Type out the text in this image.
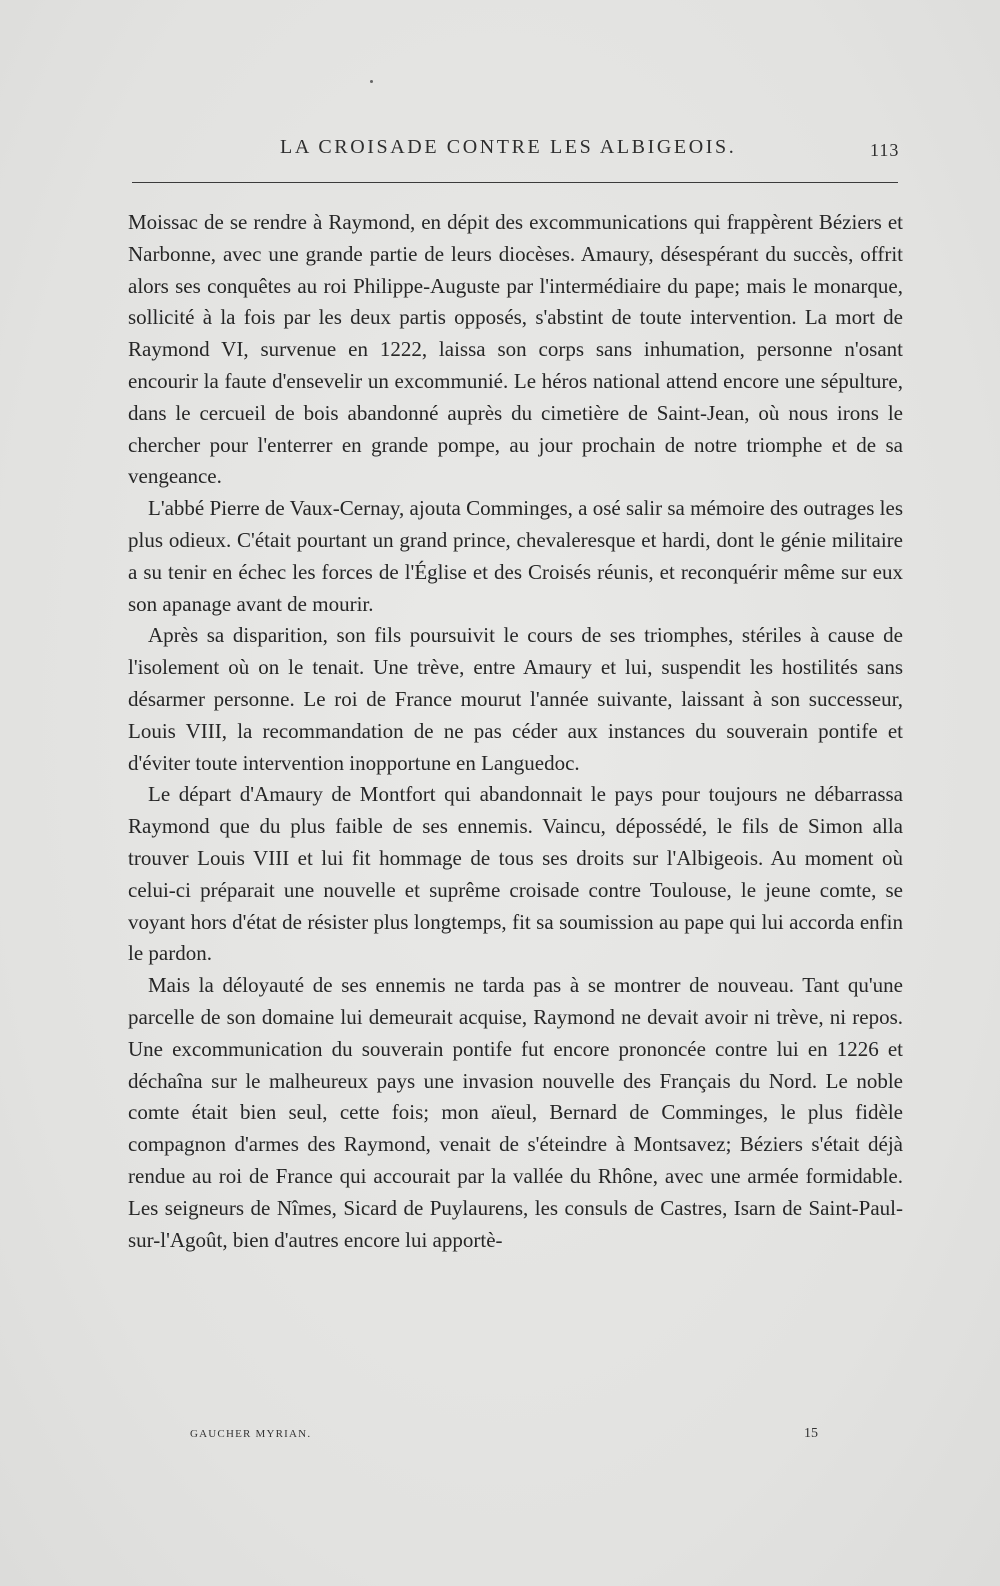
LA CROISADE CONTRE LES ALBIGEOIS.	113

Moissac de se rendre à Raymond, en dépit des excommunications qui frappèrent Béziers et Narbonne, avec une grande partie de leurs diocèses. Amaury, désespérant du succès, offrit alors ses conquêtes au roi Philippe-Auguste par l'intermédiaire du pape; mais le monarque, sollicité à la fois par les deux partis opposés, s'abstint de toute intervention. La mort de Raymond VI, survenue en 1222, laissa son corps sans inhumation, personne n'osant encourir la faute d'ensevelir un excommunié. Le héros national attend encore une sépulture, dans le cercueil de bois abandonné auprès du cimetière de Saint-Jean, où nous irons le chercher pour l'enterrer en grande pompe, au jour prochain de notre triomphe et de sa vengeance.

L'abbé Pierre de Vaux-Cernay, ajouta Comminges, a osé salir sa mémoire des outrages les plus odieux. C'était pourtant un grand prince, chevaleresque et hardi, dont le génie militaire a su tenir en échec les forces de l'Église et des Croisés réunis, et reconquérir même sur eux son apanage avant de mourir.

Après sa disparition, son fils poursuivit le cours de ses triomphes, stériles à cause de l'isolement où on le tenait. Une trève, entre Amaury et lui, suspendit les hostilités sans désarmer personne. Le roi de France mourut l'année suivante, laissant à son successeur, Louis VIII, la recommandation de ne pas céder aux instances du souverain pontife et d'éviter toute intervention inopportune en Languedoc.

Le départ d'Amaury de Montfort qui abandonnait le pays pour toujours ne débarrassa Raymond que du plus faible de ses ennemis. Vaincu, dépossédé, le fils de Simon alla trouver Louis VIII et lui fit hommage de tous ses droits sur l'Albigeois. Au moment où celui-ci préparait une nouvelle et suprême croisade contre Toulouse, le jeune comte, se voyant hors d'état de résister plus longtemps, fit sa soumission au pape qui lui accorda enfin le pardon.

Mais la déloyauté de ses ennemis ne tarda pas à se montrer de nouveau. Tant qu'une parcelle de son domaine lui demeurait acquise, Raymond ne devait avoir ni trève, ni repos. Une excommunication du souverain pontife fut encore prononcée contre lui en 1226 et déchaîna sur le malheureux pays une invasion nouvelle des Français du Nord. Le noble comte était bien seul, cette fois; mon aïeul, Bernard de Comminges, le plus fidèle compagnon d'armes des Raymond, venait de s'éteindre à Montsavez; Béziers s'était déjà rendue au roi de France qui accourait par la vallée du Rhône, avec une armée formidable. Les seigneurs de Nîmes, Sicard de Puylaurens, les consuls de Castres, Isarn de Saint-Paul-sur-l'Agoût, bien d'autres encore lui apportè-

GAUCHER MYRIAN.	15
